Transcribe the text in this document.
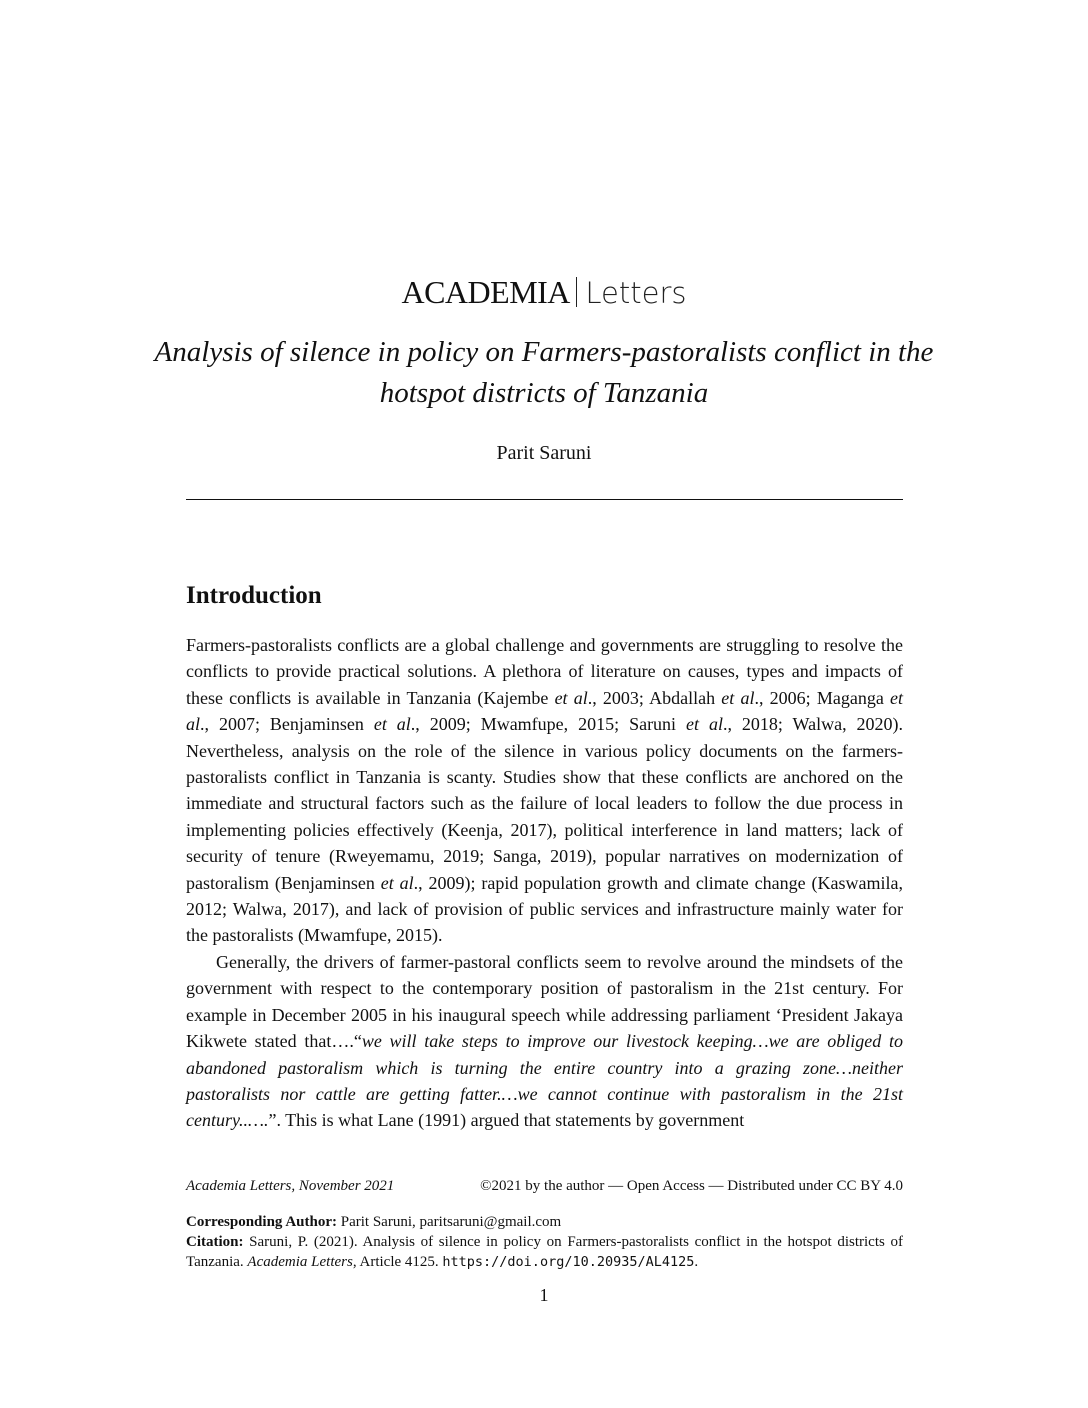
ACADEMIA Letters
Analysis of silence in policy on Farmers-pastoralists conflict in the hotspot districts of Tanzania
Parit Saruni
Introduction

Farmers-pastoralists conflicts are a global challenge and governments are struggling to resolve the conflicts to provide practical solutions. A plethora of literature on causes, types and impacts of these conflicts is available in Tanzania (Kajembe et al., 2003; Abdallah et al., 2006; Maganga et al., 2007; Benjaminsen et al., 2009; Mwamfupe, 2015; Saruni et al., 2018; Walwa, 2020). Nevertheless, analysis on the role of the silence in various policy documents on the farmers-pastoralists conflict in Tanzania is scanty. Studies show that these conflicts are anchored on the immediate and structural factors such as the failure of local leaders to follow the due process in implementing policies effectively (Keenja, 2017), political interference in land matters; lack of security of tenure (Rweyemamu, 2019; Sanga, 2019), popular narratives on modernization of pastoralism (Benjaminsen et al., 2009); rapid population growth and climate change (Kaswamila, 2012; Walwa, 2017), and lack of provision of public services and infrastructure mainly water for the pastoralists (Mwamfupe, 2015).

Generally, the drivers of farmer-pastoral conflicts seem to revolve around the mindsets of the government with respect to the contemporary position of pastoralism in the 21st century. For example in December 2005 in his inaugural speech while addressing parliament ‘President Jakaya Kikwete stated that….“we will take steps to improve our livestock keeping…we are obliged to abandoned pastoralism which is turning the entire country into a grazing zone…neither pastoralists nor cattle are getting fatter.…we cannot continue with pastoralism in the 21st century..….”. This is what Lane (1991) argued that statements by government

Academia Letters, November 2021	©2021 by the author — Open Access — Distributed under CC BY 4.0
Corresponding Author: Parit Saruni, paritsaruni@gmail.com
Citation: Saruni, P. (2021). Analysis of silence in policy on Farmers-pastoralists conflict in the hotspot districts of Tanzania. Academia Letters, Article 4125. https://doi.org/10.20935/AL4125.
1
